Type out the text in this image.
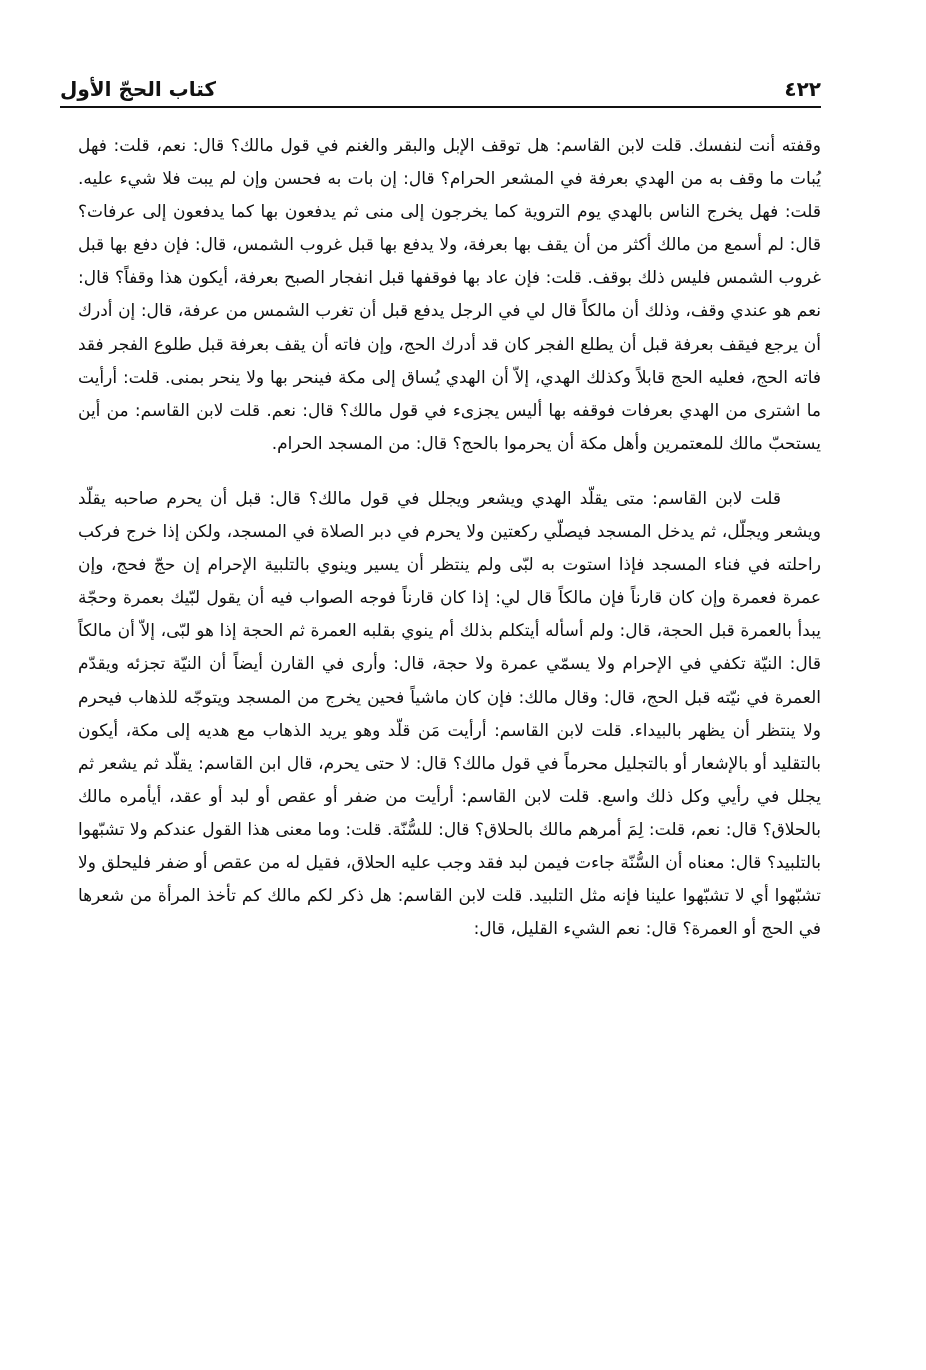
٤٢٢
كتاب الحجّ الأول

وقفته أنت لنفسك. قلت لابن القاسم: هل توقف الإبل والبقر والغنم في قول مالك؟ قال: نعم، قلت: فهل يُبات ما وقف به من الهدي بعرفة في المشعر الحرام؟ قال: إن بات به فحسن وإن لم يبت فلا شيء عليه. قلت: فهل يخرج الناس بالهدي يوم التروية كما يخرجون إلى منى ثم يدفعون بها كما يدفعون إلى عرفات؟ قال: لم أسمع من مالك أكثر من أن يقف بها بعرفة، ولا يدفع بها قبل غروب الشمس، قال: فإن دفع بها قبل غروب الشمس فليس ذلك بوقف. قلت: فإن عاد بها فوقفها قبل انفجار الصبح بعرفة، أيكون هذا وقفاً؟ قال: نعم هو عندي وقف، وذلك أن مالكاً قال لي في الرجل يدفع قبل أن تغرب الشمس من عرفة، قال: إن أدرك أن يرجع فيقف بعرفة قبل أن يطلع الفجر كان قد أدرك الحج، وإن فاته أن يقف بعرفة قبل طلوع الفجر فقد فاته الحج، فعليه الحج قابلاً وكذلك الهدي، إلاّ أن الهدي يُساق إلى مكة فينحر بها ولا ينحر بمنى. قلت: أرأيت ما اشترى من الهدي بعرفات فوقفه بها أليس يجزىء في قول مالك؟ قال: نعم. قلت لابن القاسم: من أين يستحبّ مالك للمعتمرين وأهل مكة أن يحرموا بالحج؟ قال: من المسجد الحرام.

قلت لابن القاسم: متى يقلّد الهدي ويشعر ويجلل في قول مالك؟ قال: قبل أن يحرم صاحبه يقلّد ويشعر ويجلّل، ثم يدخل المسجد فيصلّي ركعتين ولا يحرم في دبر الصلاة في المسجد، ولكن إذا خرج فركب راحلته في فناء المسجد فإذا استوت به لبّى ولم ينتظر أن يسير وينوي بالتلبية الإحرام إن حجّ فحج، وإن عمرة فعمرة وإن كان قارناً فإن مالكاً قال لي: إذا كان قارناً فوجه الصواب فيه أن يقول لبّيك بعمرة وحجّة يبدأ بالعمرة قبل الحجة، قال: ولم أسأله أيتكلم بذلك أم ينوي بقلبه العمرة ثم الحجة إذا هو لبّى، إلاّ أن مالكاً قال: النيّة تكفي في الإحرام ولا يسمّي عمرة ولا حجة، قال: وأرى في القارن أيضاً أن النيّة تجزئه ويقدّم العمرة في نيّته قبل الحج، قال: وقال مالك: فإن كان ماشياً فحين يخرج من المسجد ويتوجّه للذهاب فيحرم ولا ينتظر أن يظهر بالبيداء. قلت لابن القاسم: أرأيت مَن قلّد وهو يريد الذهاب مع هديه إلى مكة، أيكون بالتقليد أو بالإشعار أو بالتجليل محرماً في قول مالك؟ قال: لا حتى يحرم، قال ابن القاسم: يقلّد ثم يشعر ثم يجلل في رأيي وكل ذلك واسع. قلت لابن القاسم: أرأيت من ضفر أو عقص أو لبد أو عقد، أيأمره مالك بالحلاق؟ قال: نعم، قلت: لِمَ أمرهم مالك بالحلاق؟ قال: للسُّنّة. قلت: وما معنى هذا القول عندكم ولا تشبّهوا بالتلبيد؟ قال: معناه أن السُّنّة جاءت فيمن لبد فقد وجب عليه الحلاق، فقيل له من عقص أو ضفر فليحلق ولا تشبّهوا أي لا تشبّهوا علينا فإنه مثل التلبيد. قلت لابن القاسم: هل ذكر لكم مالك كم تأخذ المرأة من شعرها في الحج أو العمرة؟ قال: نعم الشيء القليل، قال:
